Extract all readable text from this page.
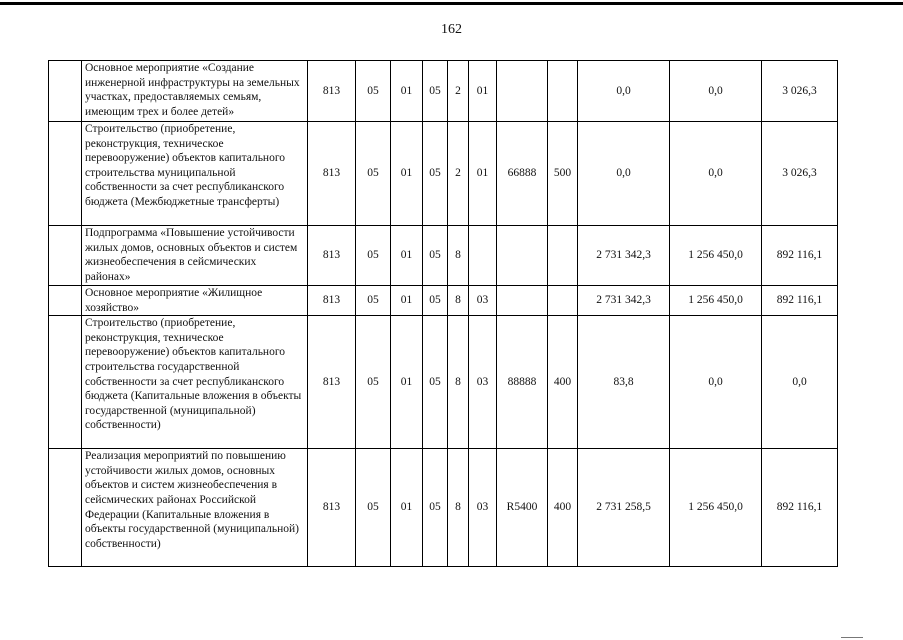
162
	Основное мероприятие «Создание инженерной инфраструктуры на земельных участках, предоставляемых семьям, имеющим трех и более детей»	813	05	01	05	2	01			0,0	0,0	3 026,3
	Строительство (приобретение, реконструкция, техническое перевооружение) объектов капитального строительства муниципальной собственности за счет республиканского бюджета (Межбюджетные трансферты)	813	05	01	05	2	01	66888	500	0,0	0,0	3 026,3
	Подпрограмма «Повышение устойчивости жилых домов, основных объектов и систем жизнеобеспечения в сейсмических районах»	813	05	01	05	8				2 731 342,3	1 256 450,0	892 116,1
	Основное мероприятие «Жилищное хозяйство»	813	05	01	05	8	03			2 731 342,3	1 256 450,0	892 116,1
	Строительство (приобретение, реконструкция, техническое перевооружение) объектов капитального строительства государственной собственности за счет республиканского бюджета (Капитальные вложения в объекты государственной (муниципальной) собственности)	813	05	01	05	8	03	88888	400	83,8	0,0	0,0
	Реализация мероприятий по повышению устойчивости жилых домов, основных объектов и систем жизнеобеспечения в сейсмических районах Российской Федерации (Капитальные вложения в объекты государственной (муниципальной) собственности)	813	05	01	05	8	03	R5400	400	2 731 258,5	1 256 450,0	892 116,1
